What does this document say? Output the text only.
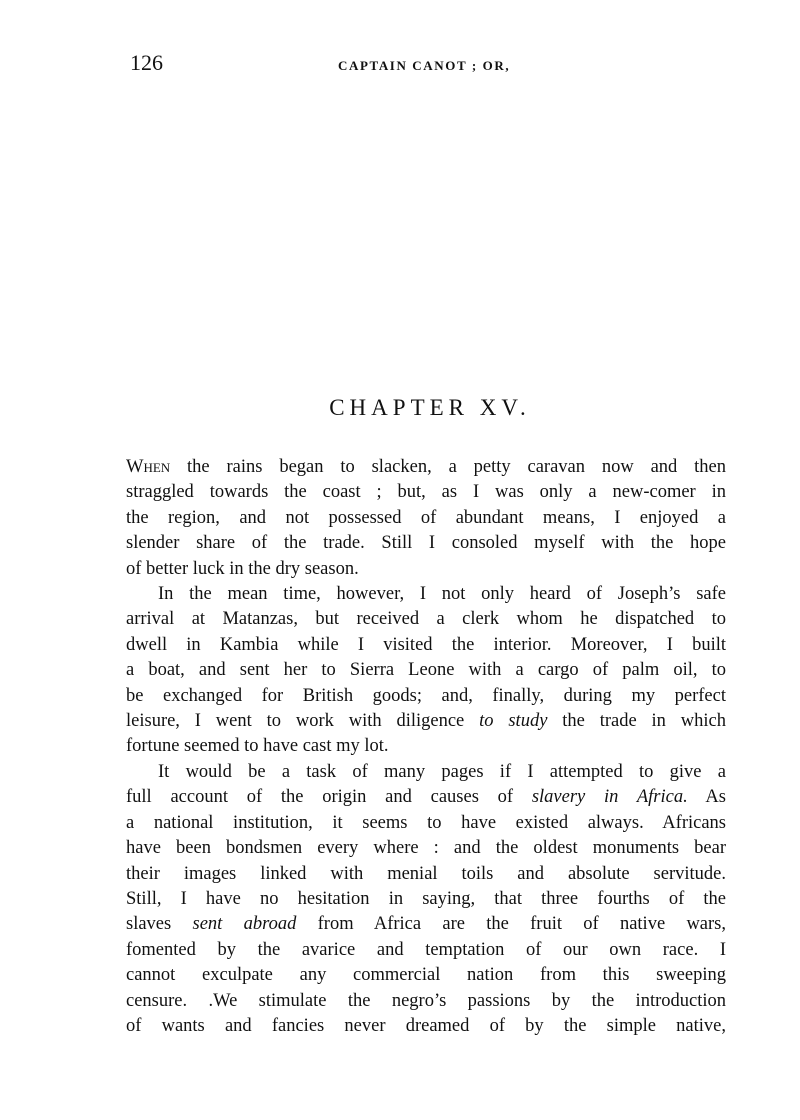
126	CAPTAIN CANOT ; OR,
CHAPTER XV.
When the rains began to slacken, a petty caravan now and then
straggled towards the coast ; but, as I was only a new-comer in
the region, and not possessed of abundant means, I enjoyed a
slender share of the trade. Still I consoled myself with the hope
of better luck in the dry season.
In the mean time, however, I not only heard of Joseph’s safe
arrival at Matanzas, but received a clerk whom he dispatched to
dwell in Kambia while I visited the interior. Moreover, I built
a boat, and sent her to Sierra Leone with a cargo of palm oil, to
be exchanged for British goods; and, finally, during my perfect
leisure, I went to work with diligence to study the trade in which
fortune seemed to have cast my lot.
It would be a task of many pages if I attempted to give a
full account of the origin and causes of slavery in Africa. As
a national institution, it seems to have existed always. Africans
have been bondsmen every where : and the oldest monuments bear
their images linked with menial toils and absolute servitude.
Still, I have no hesitation in saying, that three fourths of the
slaves sent abroad from Africa are the fruit of native wars,
fomented by the avarice and temptation of our own race. I
cannot exculpate any commercial nation from this sweeping
censure. .We stimulate the negro’s passions by the introduction
of wants and fancies never dreamed of by the simple native,
